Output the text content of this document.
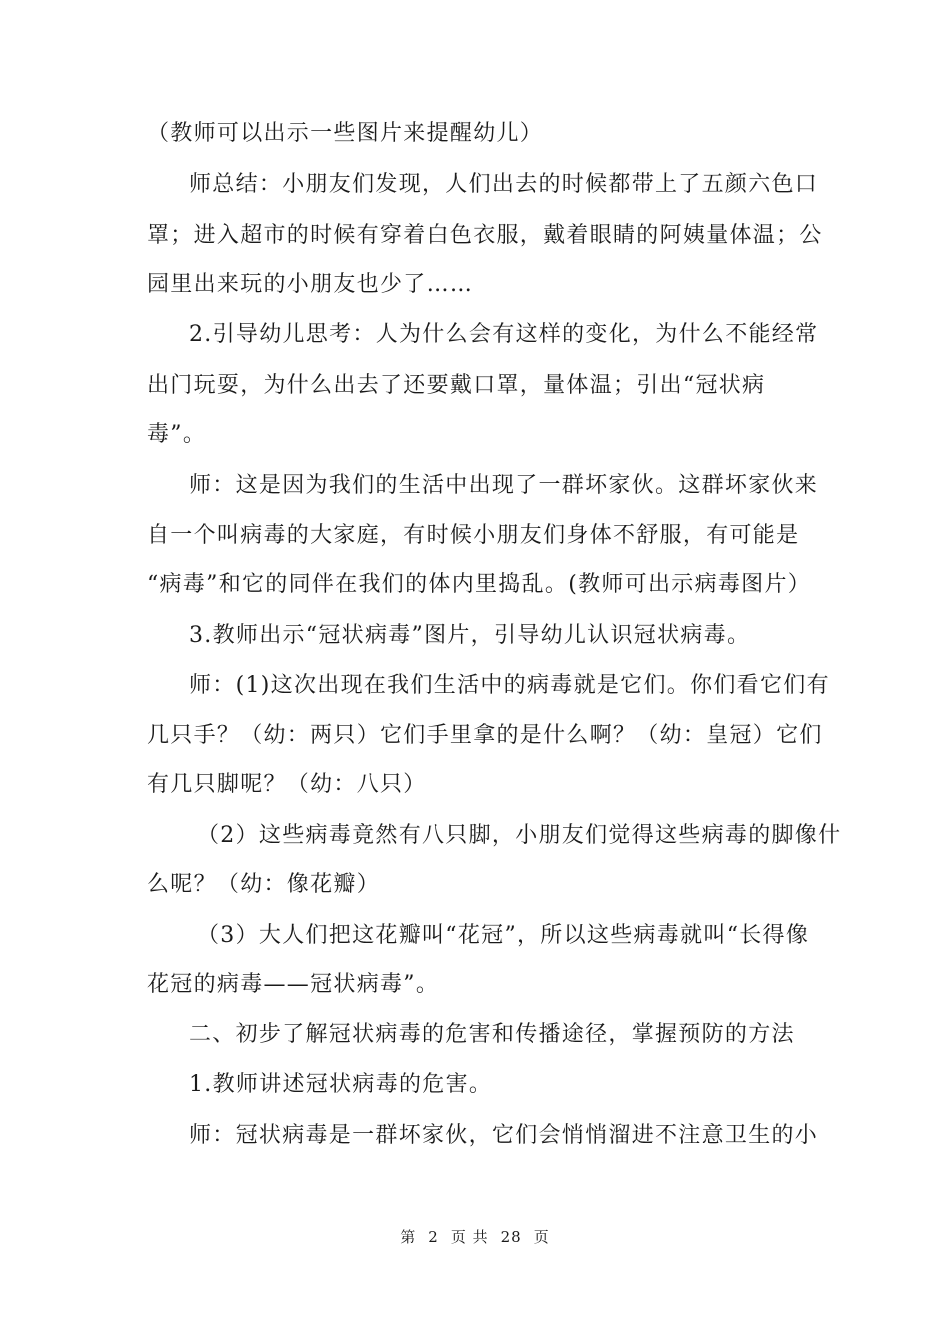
（教师可以出示一些图片来提醒幼儿）
师总结：小朋友们发现，人们出去的时候都带上了五颜六色口
罩；进入超市的时候有穿着白色衣服，戴着眼睛的阿姨量体温；公
园里出来玩的小朋友也少了……
2.引导幼儿思考：人为什么会有这样的变化，为什么不能经常
出门玩耍，为什么出去了还要戴口罩，量体温；引出“冠状病
毒”。
师：这是因为我们的生活中出现了一群坏家伙。这群坏家伙来
自一个叫病毒的大家庭，有时候小朋友们身体不舒服，有可能是
“病毒”和它的同伴在我们的体内里捣乱。(教师可出示病毒图片）
3.教师出示“冠状病毒”图片，引导幼儿认识冠状病毒。
师：(1)这次出现在我们生活中的病毒就是它们。你们看它们有
几只手？（幼：两只）它们手里拿的是什么啊？（幼：皇冠）它们
有几只脚呢？（幼：八只）
（2）这些病毒竟然有八只脚，小朋友们觉得这些病毒的脚像什
么呢？（幼：像花瓣）
（3）大人们把这花瓣叫“花冠”，所以这些病毒就叫“长得像
花冠的病毒——冠状病毒”。
二、初步了解冠状病毒的危害和传播途径，掌握预防的方法
1.教师讲述冠状病毒的危害。
师：冠状病毒是一群坏家伙，它们会悄悄溜进不注意卫生的小
第 2 页 共 28 页
